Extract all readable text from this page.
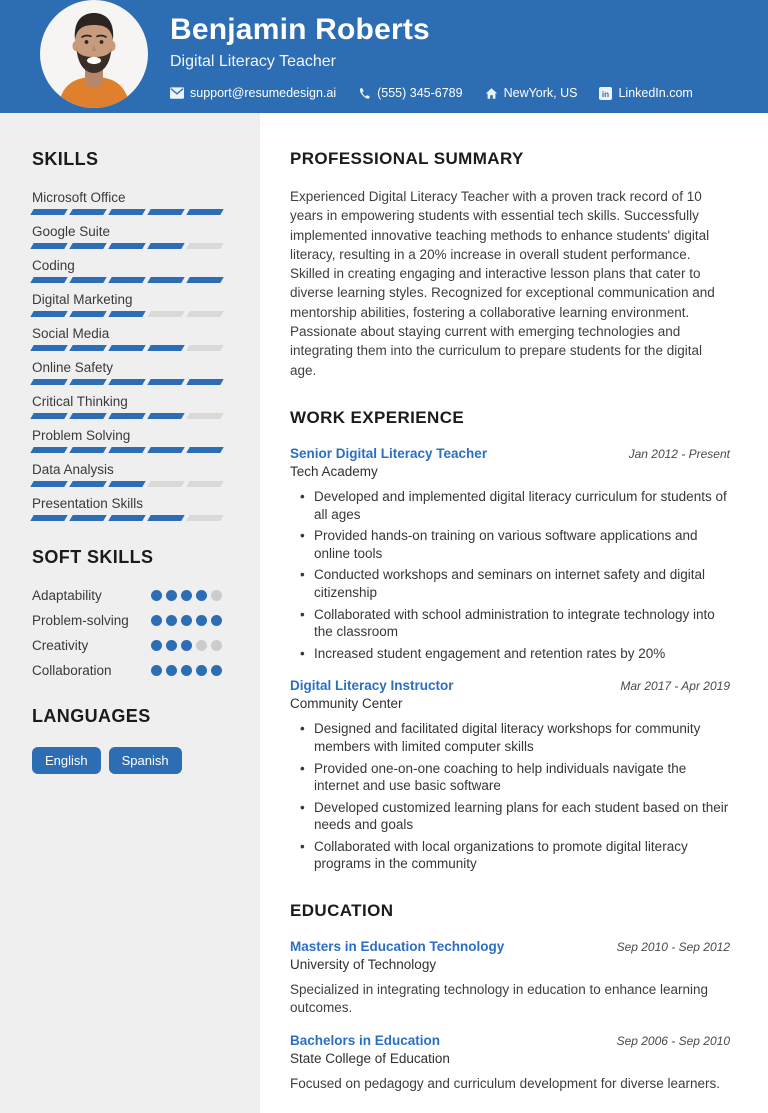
Benjamin Roberts
Digital Literacy Teacher
support@resumedesign.ai	(555) 345-6789	NewYork, US in LinkedIn.com
SKILLS
Microsoft Office
Google Suite
Coding
Digital Marketing
Social Media
Online Safety
Critical Thinking
Problem Solving
Data Analysis
Presentation Skills
SOFT SKILLS
Adaptability
Problem-solving
Creativity
Collaboration
LANGUAGES
English	Spanish
PROFESSIONAL SUMMARY

Experienced Digital Literacy Teacher with a proven track record of 10 years in empowering students with essential tech skills. Successfully implemented innovative teaching methods to enhance students' digital literacy, resulting in a 20% increase in overall student performance. Skilled in creating engaging and interactive lesson plans that cater to diverse learning styles. Recognized for exceptional communication and mentorship abilities, fostering a collaborative learning environment. Passionate about staying current with emerging technologies and integrating them into the curriculum to prepare students for the digital age.

WORK EXPERIENCE
Senior Digital Literacy Teacher	Jan 2012 - Present
Tech Academy
• Developed and implemented digital literacy curriculum for students of all ages
• Provided hands-on training on various software applications and online tools
• Conducted workshops and seminars on internet safety and digital citizenship
• Collaborated with school administration to integrate technology into the classroom
• Increased student engagement and retention rates by 20%
Digital Literacy Instructor	Mar 2017 - Apr 2019
Community Center
• Designed and facilitated digital literacy workshops for community members with limited computer skills
• Provided one-on-one coaching to help individuals navigate the internet and use basic software
• Developed customized learning plans for each student based on their needs and goals
• Collaborated with local organizations to promote digital literacy programs in the community
EDUCATION
Masters in Education Technology	Sep 2010 - Sep 2012
University of Technology
Specialized in integrating technology in education to enhance learning outcomes.
Bachelors in Education	Sep 2006 - Sep 2010
State College of Education
Focused on pedagogy and curriculum development for diverse learners.
